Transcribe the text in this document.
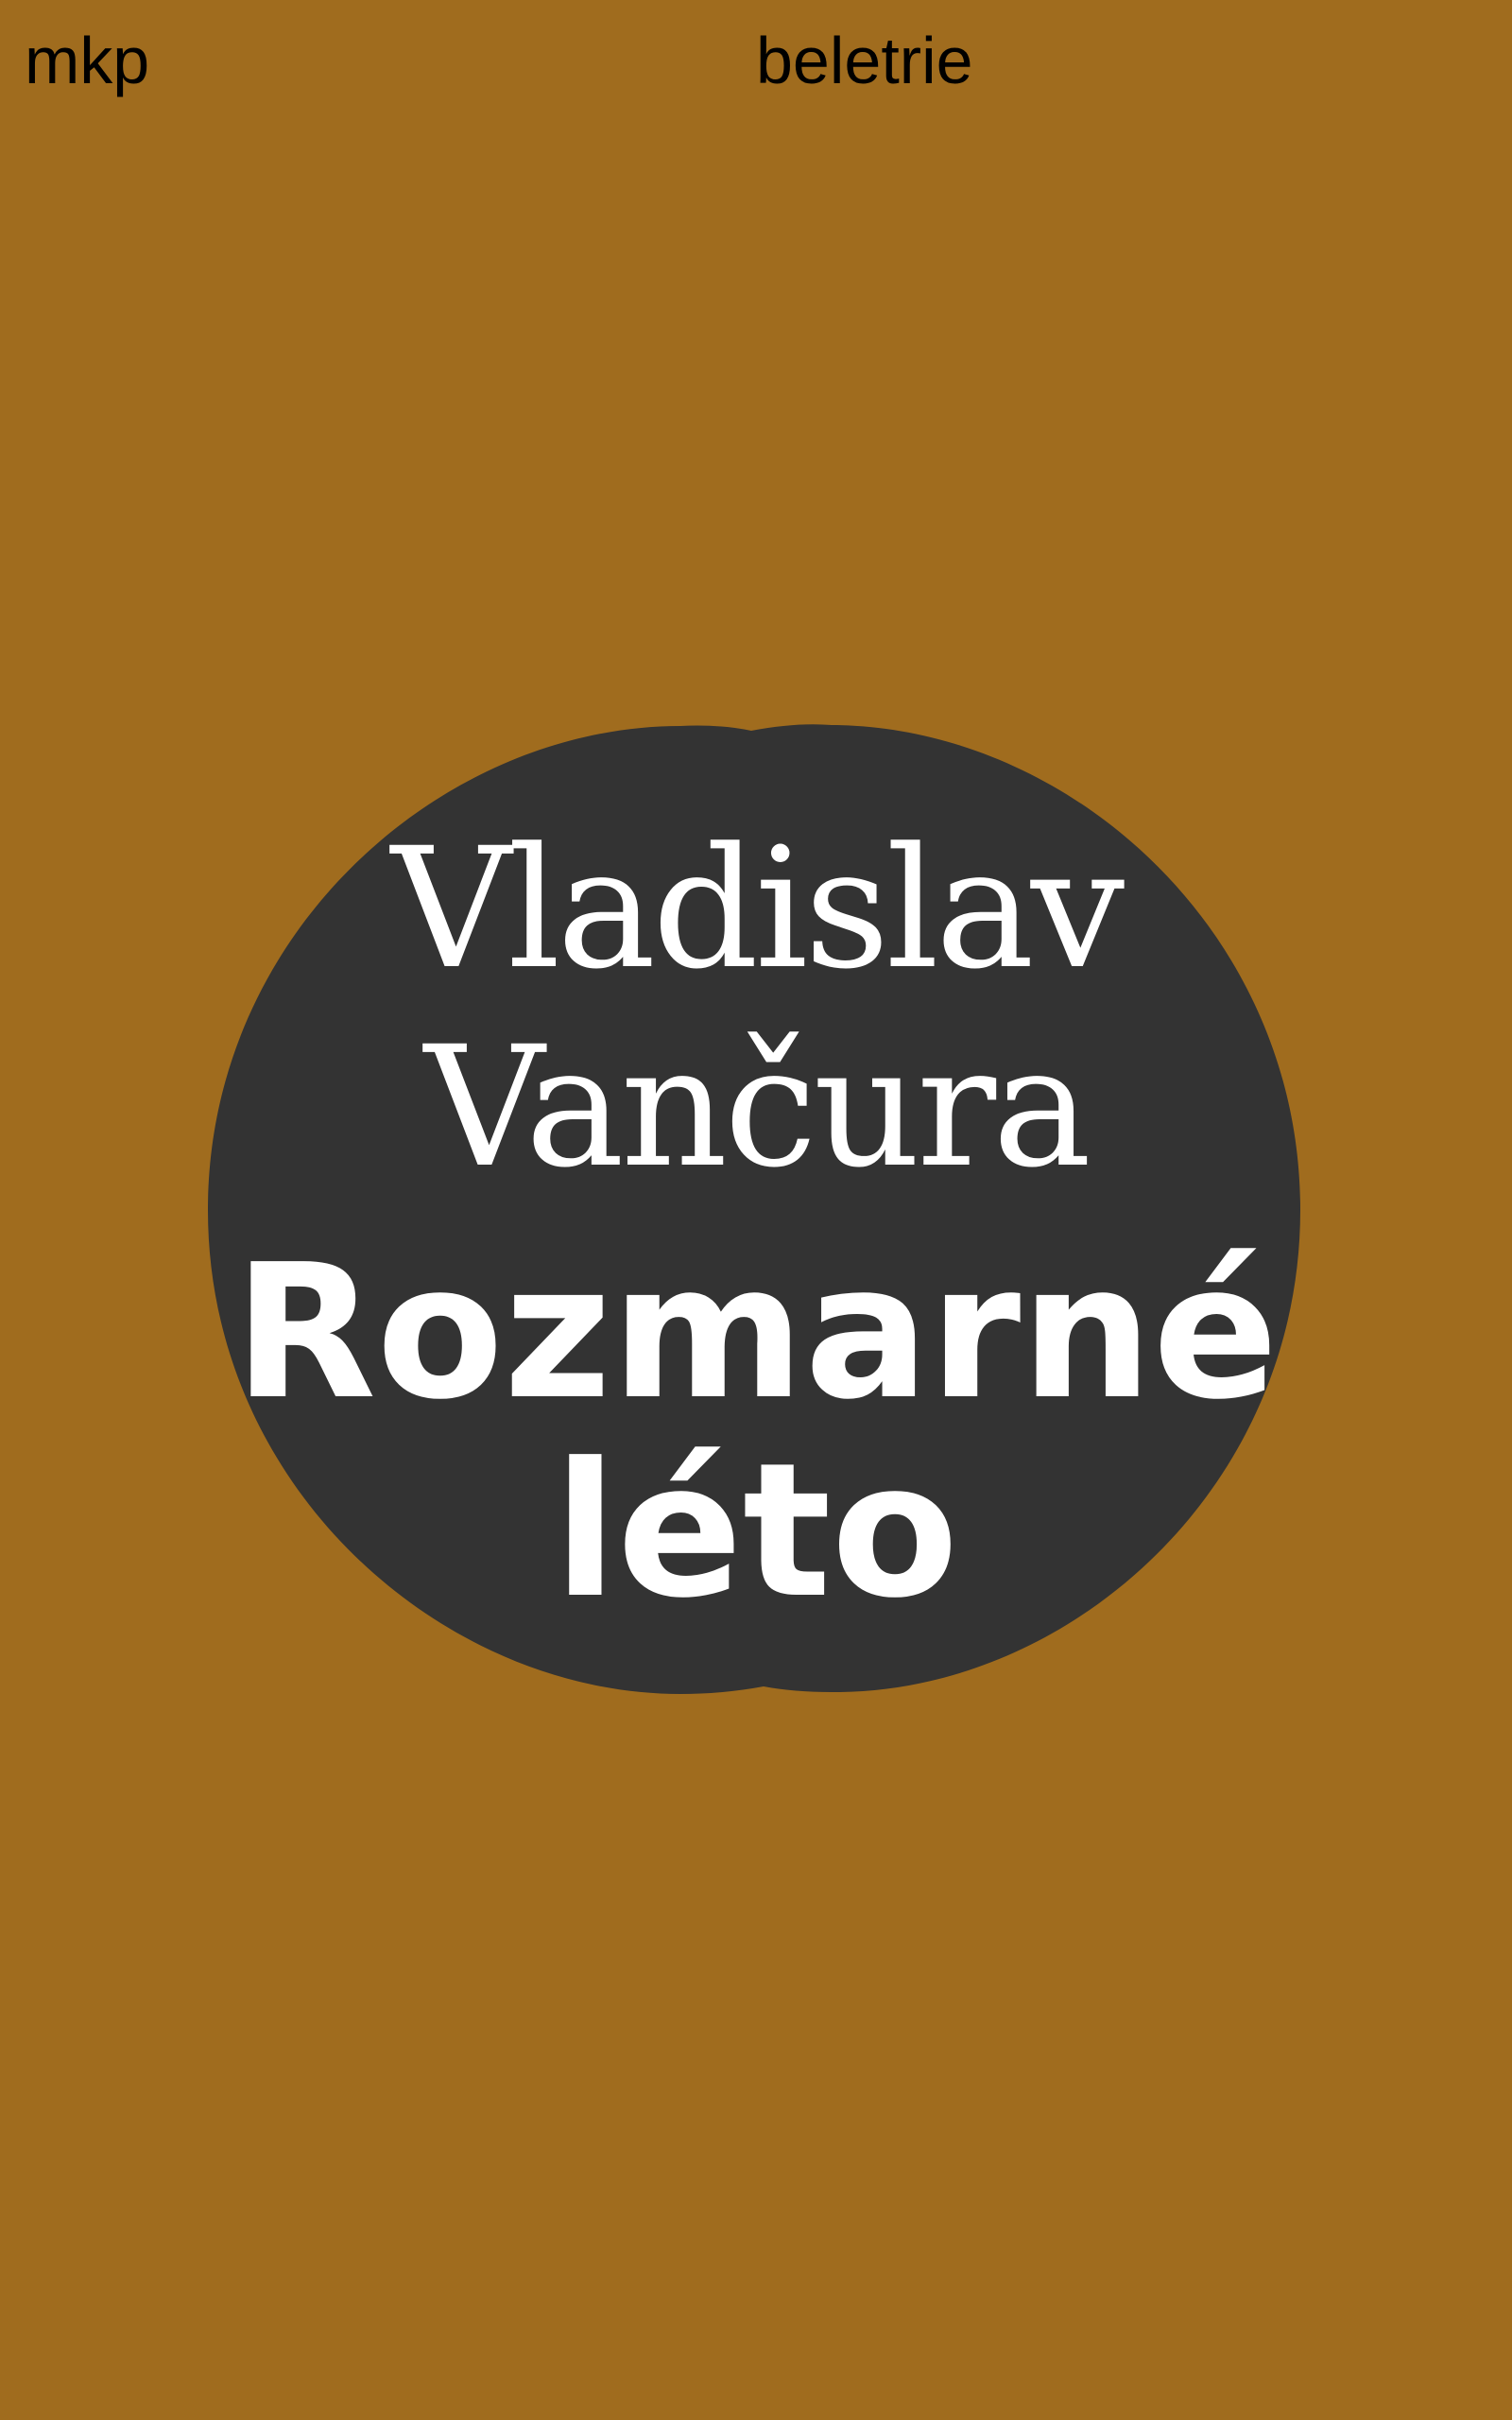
mkp	beletrie
Vladislav
Vančura
Rozmarné
léto
